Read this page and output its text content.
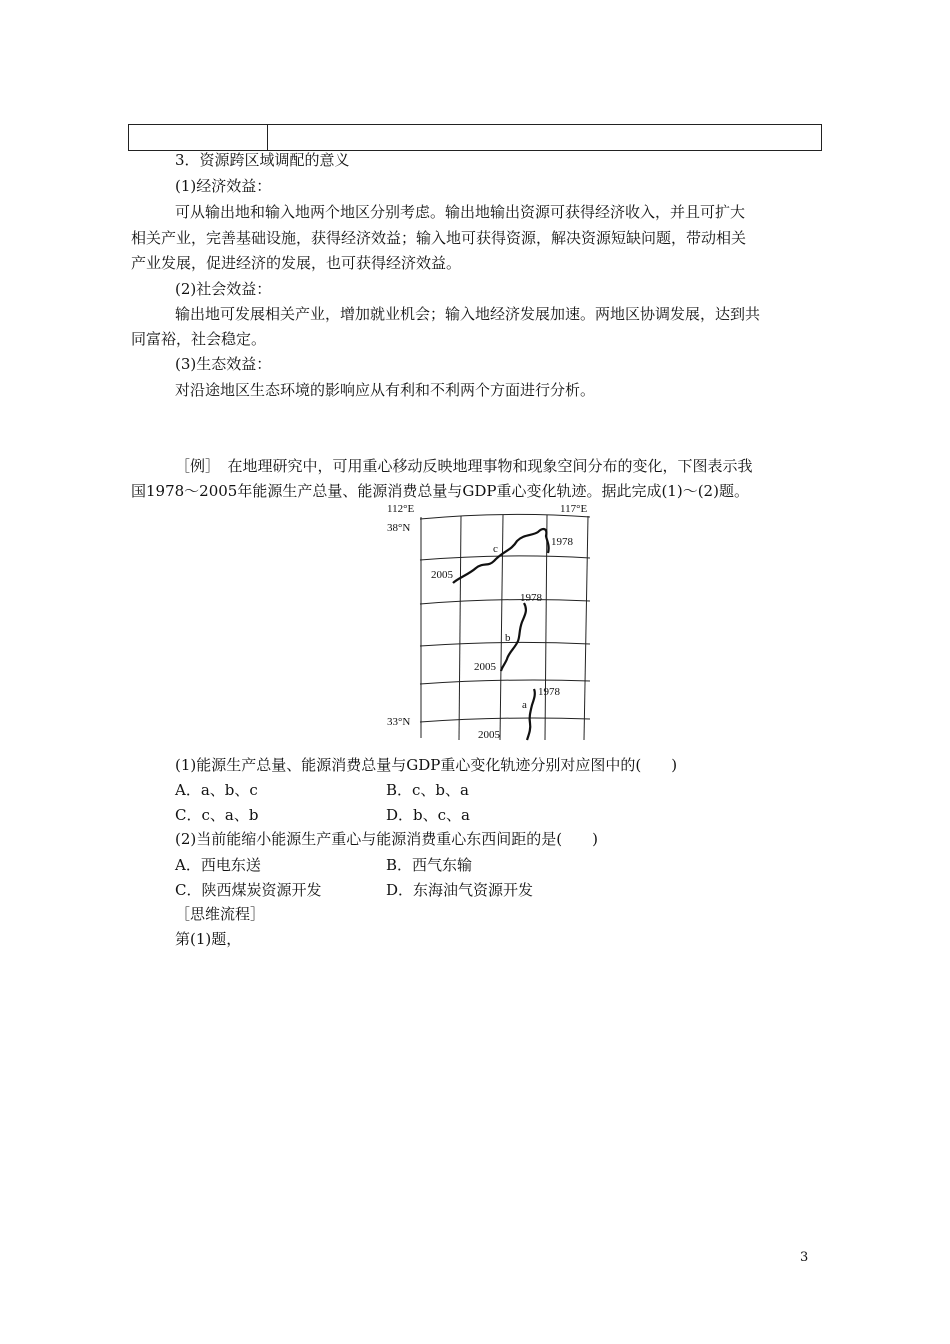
3．资源跨区域调配的意义
(1)经济效益：
可从输出地和输入地两个地区分别考虑。输出地输出资源可获得经济收入，并且可扩大
相关产业，完善基础设施，获得经济效益；输入地可获得资源，解决资源短缺问题，带动相关
产业发展，促进经济的发展，也可获得经济效益。
(2)社会效益：
输出地可发展相关产业，增加就业机会；输入地经济发展加速。两地区协调发展，达到共
同富裕，社会稳定。
(3)生态效益：
对沿途地区生态环境的影响应从有利和不利两个方面进行分析。
［例］　在地理研究中，可用重心移动反映地理事物和现象空间分布的变化，下图表示我
国1978～2005年能源生产总量、能源消费总量与GDP重心变化轨迹。据此完成(1)～(2)题。
112°E	117°E
38°N
33°N
c
1978
2005
b
1978
2005
a
1978
2005
(1)能源生产总量、能源消费总量与GDP重心变化轨迹分别对应图中的(　　)
A．a、b、c	B．c、b、a
C．c、a、b	D．b、c、a
(2)当前能缩小能源生产重心与能源消费重心东西间距的是(　　)
A．西电东送	B．西气东输
C．陕西煤炭资源开发	D．东海油气资源开发
［思维流程］
第(1)题，
3
